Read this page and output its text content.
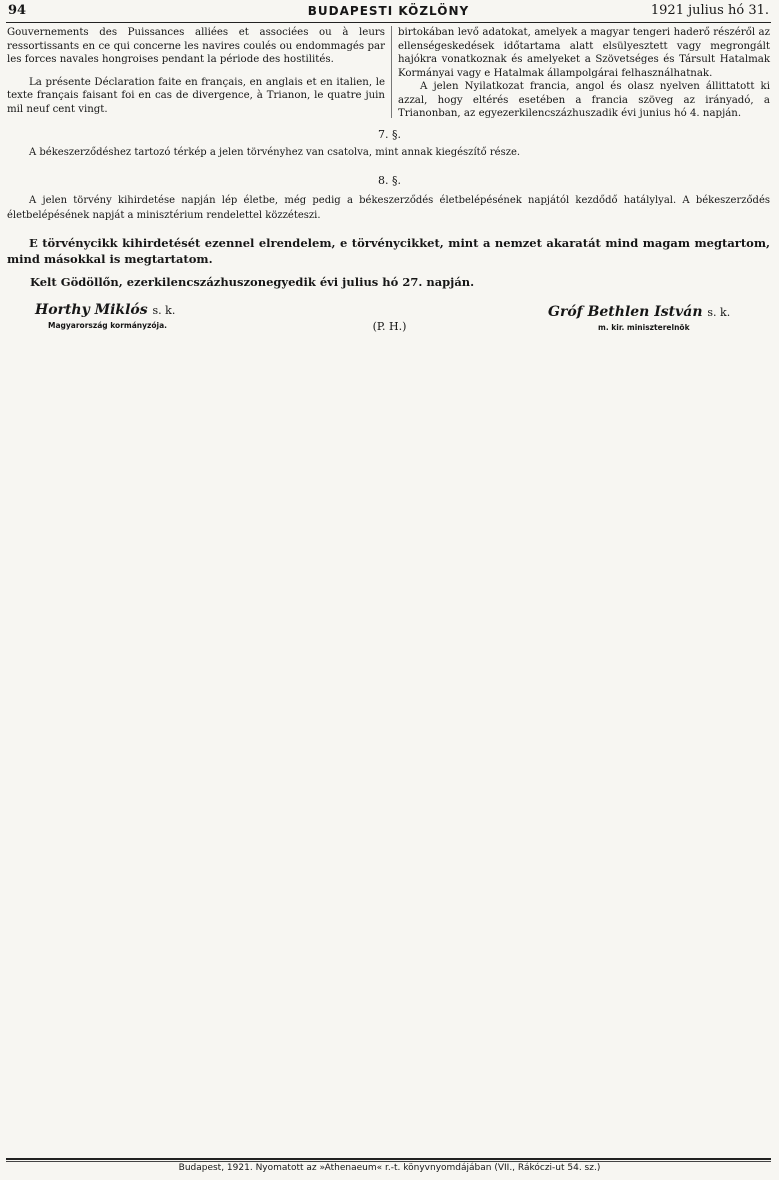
94	BUDAPESTI KÖZLÖNY	1921 julius hó 31.

Gouvernements des Puissances alliées et associées ou à leurs ressortissants en ce qui concerne les navires coulés ou endommagés par les forces navales hongroises pendant la période des hostilités.

La présente Déclaration faite en français, en anglais et en italien, le texte français faisant foi en cas de divergence, à Trianon, le quatre juin mil neuf cent vingt.

birtokában levő adatokat, amelyek a magyar tengeri haderő részéről az ellenségeskedések időtartama alatt elsülyesztett vagy megrongált hajókra vonatkoznak és amelyeket a Szövetséges és Társult Hatalmak Kormányai vagy e Hatalmak állampolgárai felhasználhatnak.

A jelen Nyilatkozat francia, angol és olasz nyelven állittatott ki azzal, hogy eltérés esetében a francia szöveg az irányadó, a Trianonban, az egyezerkilencszázhuszadik évi junius hó 4. napján.

7. §.
A békeszerződéshez tartozó térkép a jelen törvényhez van csatolva, mint annak kiegészítő része.
8. §.
A jelen törvény kihirdetése napján lép életbe, még pedig a békeszerződés életbelépésének napjától kezdődő hatálylyal. A békeszerződés életbelépésének napját a minisztérium rendelettel közzéteszi.
E törvénycikk kihirdetését ezennel elrendelem, e törvénycikket, mint a nemzet akaratát mind magam megtartom, mind másokkal is megtartatom.
Kelt Gödöllőn, ezerkilencszázhuszonegyedik évi julius hó 27. napján.
Horthy Miklós s. k.
Magyarország kormányzója.	(P. H.)
Gróf Bethlen István s. k.
m. kir. miniszterelnök
Budapest, 1921. Nyomatott az »Athenaeum« r.-t. könyvnyomdájában (VII., Rákóczi-ut 54. sz.)
